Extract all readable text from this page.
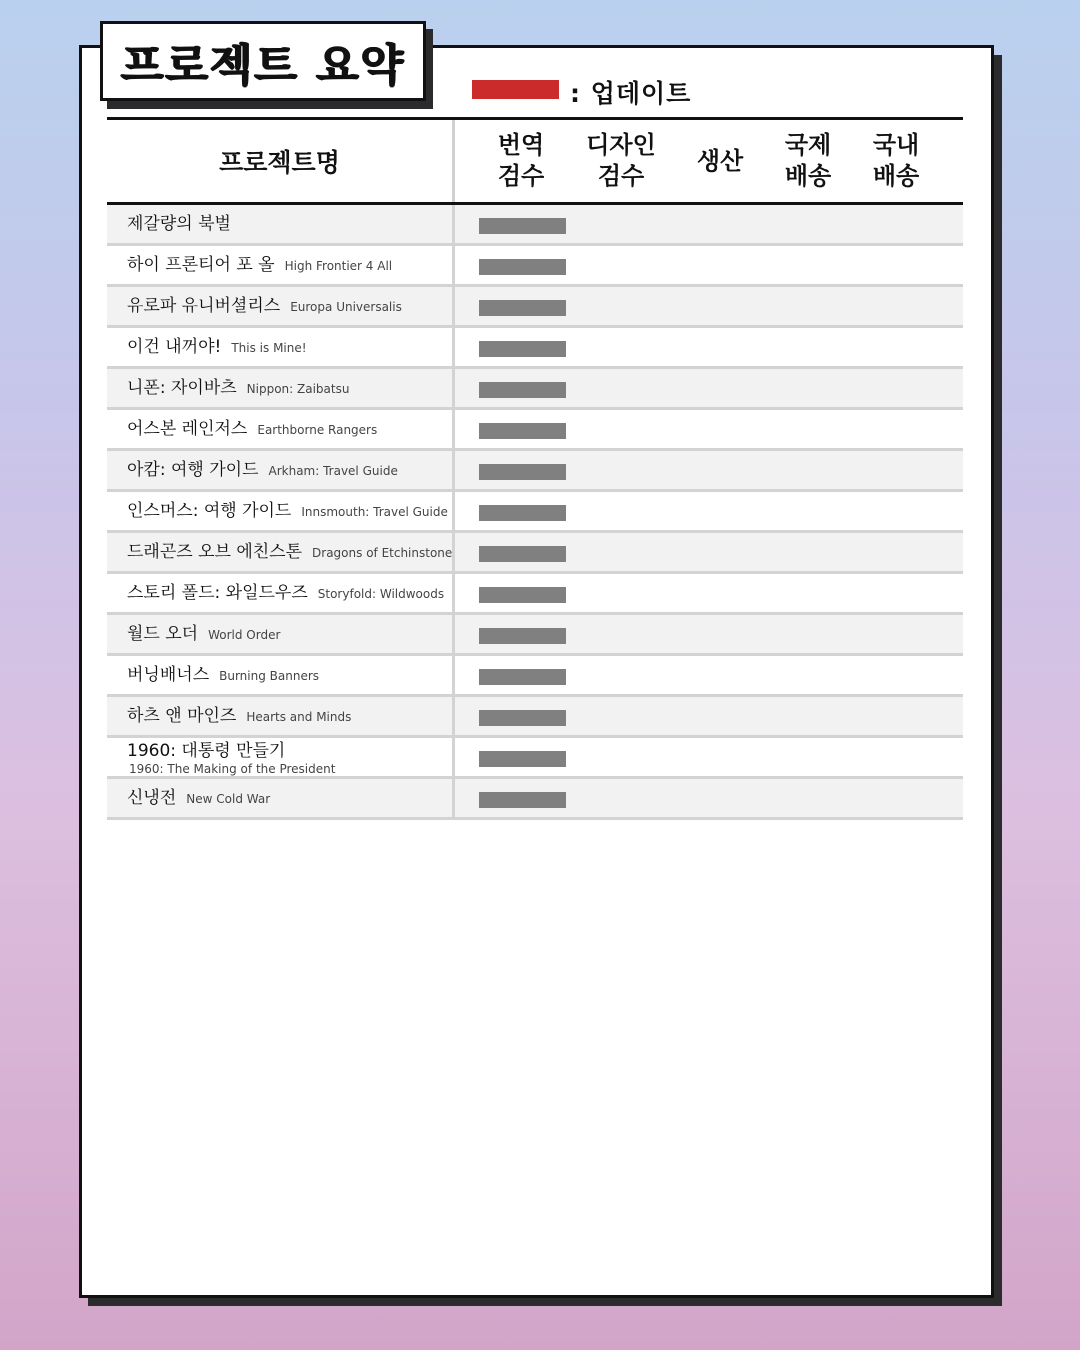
프로젝트 요약
: 업데이트
프로젝트명
번역
검수
디자인
검수
생산
국제
배송
국내
배송
제갈량의 북벌
하이 프론티어 포 올 High Frontier 4 All
유로파 유니버셜리스 Europa Universalis
이건 내꺼야! This is Mine!
니폰: 자이바츠 Nippon: Zaibatsu
어스본 레인저스 Earthborne Rangers
아캄: 여행 가이드 Arkham: Travel Guide
인스머스: 여행 가이드 Innsmouth: Travel Guide
드래곤즈 오브 에친스톤 Dragons of Etchinstone
스토리 폴드: 와일드우즈 Storyfold: Wildwoods
월드 오더 World Order
버닝배너스 Burning Banners
하츠 앤 마인즈 Hearts and Minds
1960: 대통령 만들기
1960: The Making of the President
신냉전 New Cold War
